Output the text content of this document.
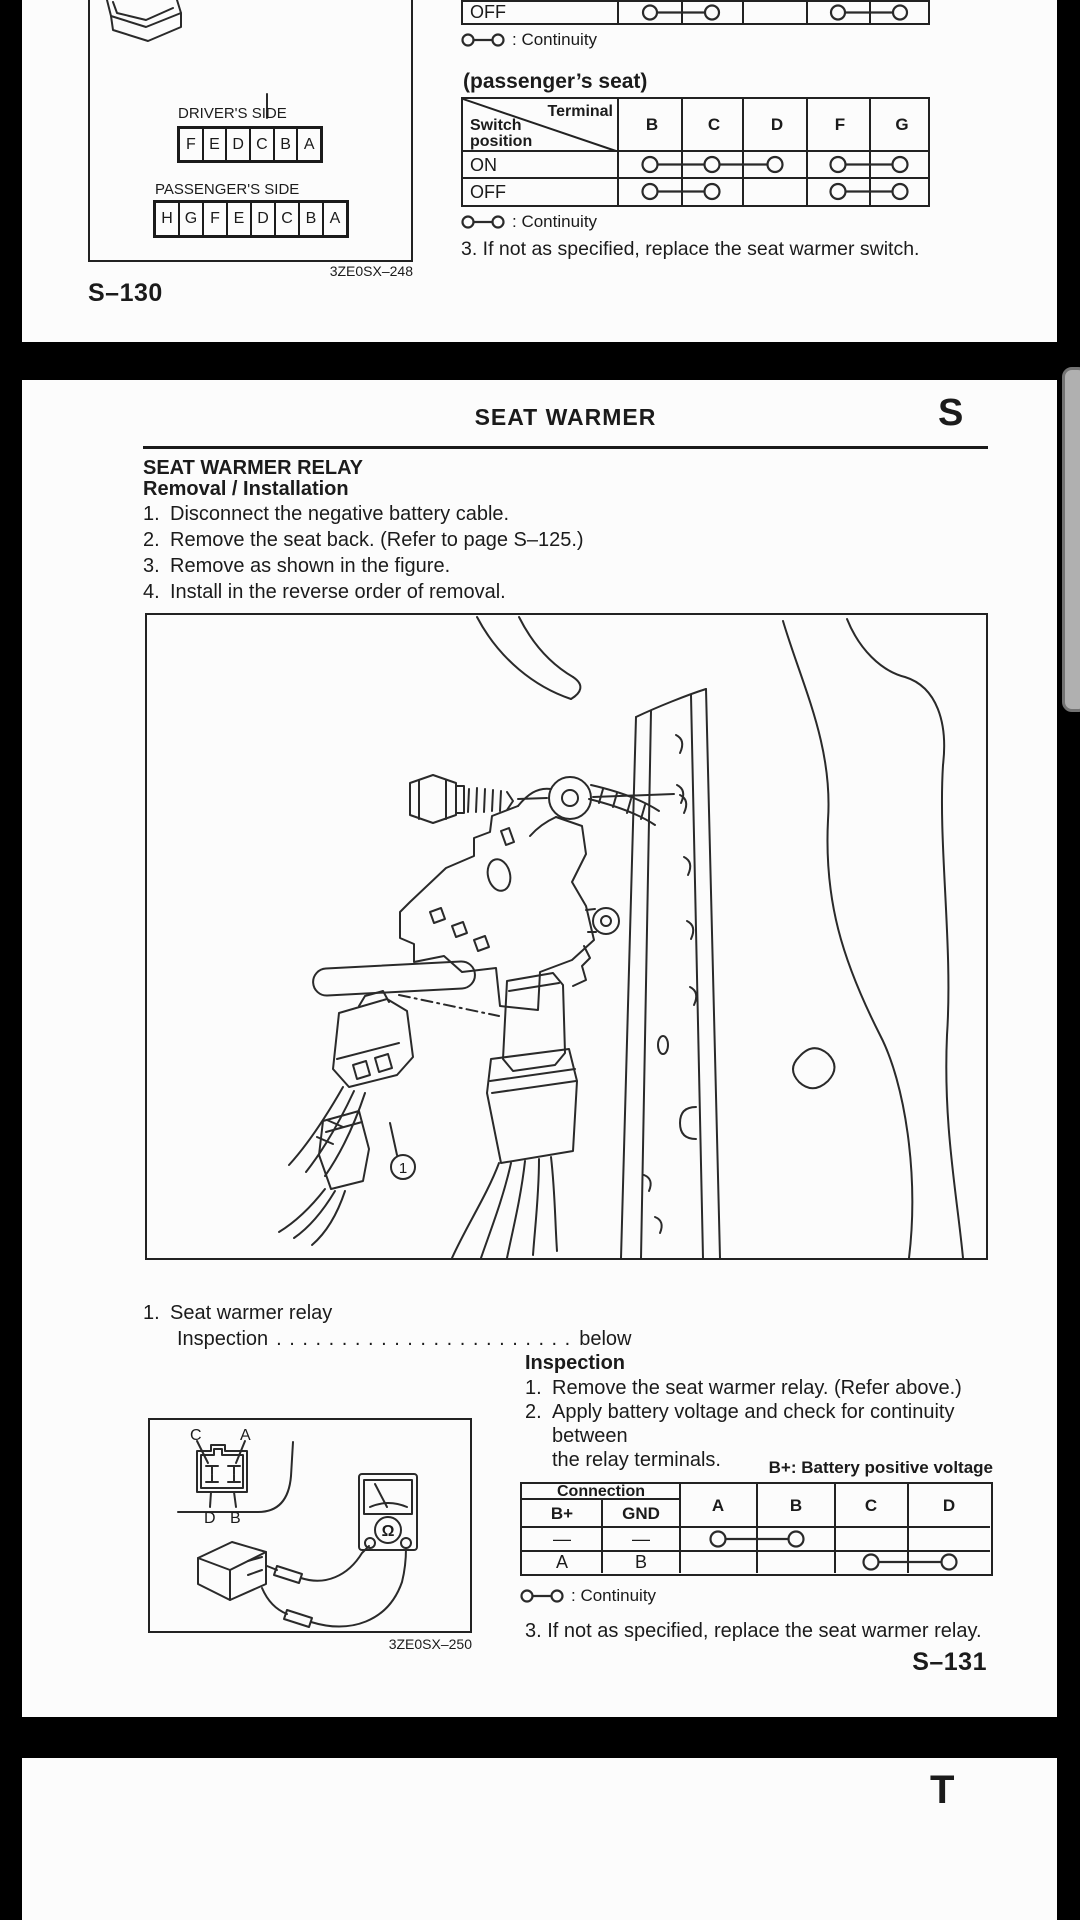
DRIVER'S SIDE
F E D C B A
PASSENGER'S SIDE
H G F E D C B A
3ZE0SX–248
S–130
OFF
: Continuity
(passenger’s seat)
Terminal
Switch
position
B	C	D	F	G
ON
OFF
: Continuity
3. If not as specified, replace the seat warmer switch.
SEAT WARMER	S
SEAT WARMER RELAY
Removal / Installation
1. Disconnect the negative battery cable.
2. Remove the seat back. (Refer to page S–125.)
3. Remove as shown in the figure.
4. Install in the reverse order of removal.
1
1. Seat warmer relay
Inspection . . . . . . . . . . . . . . . . . . . . . . . below
Inspection
1. Remove the seat warmer relay. (Refer above.)
2. Apply battery voltage and check for continuity between
the relay terminals.	B+: Battery positive voltage
Connection
B+	GND	A	B	C	D
—	—
A	B
: Continuity
3. If not as specified, replace the seat warmer relay.
S–131
C A
D B
Ω
3ZE0SX–250
T
